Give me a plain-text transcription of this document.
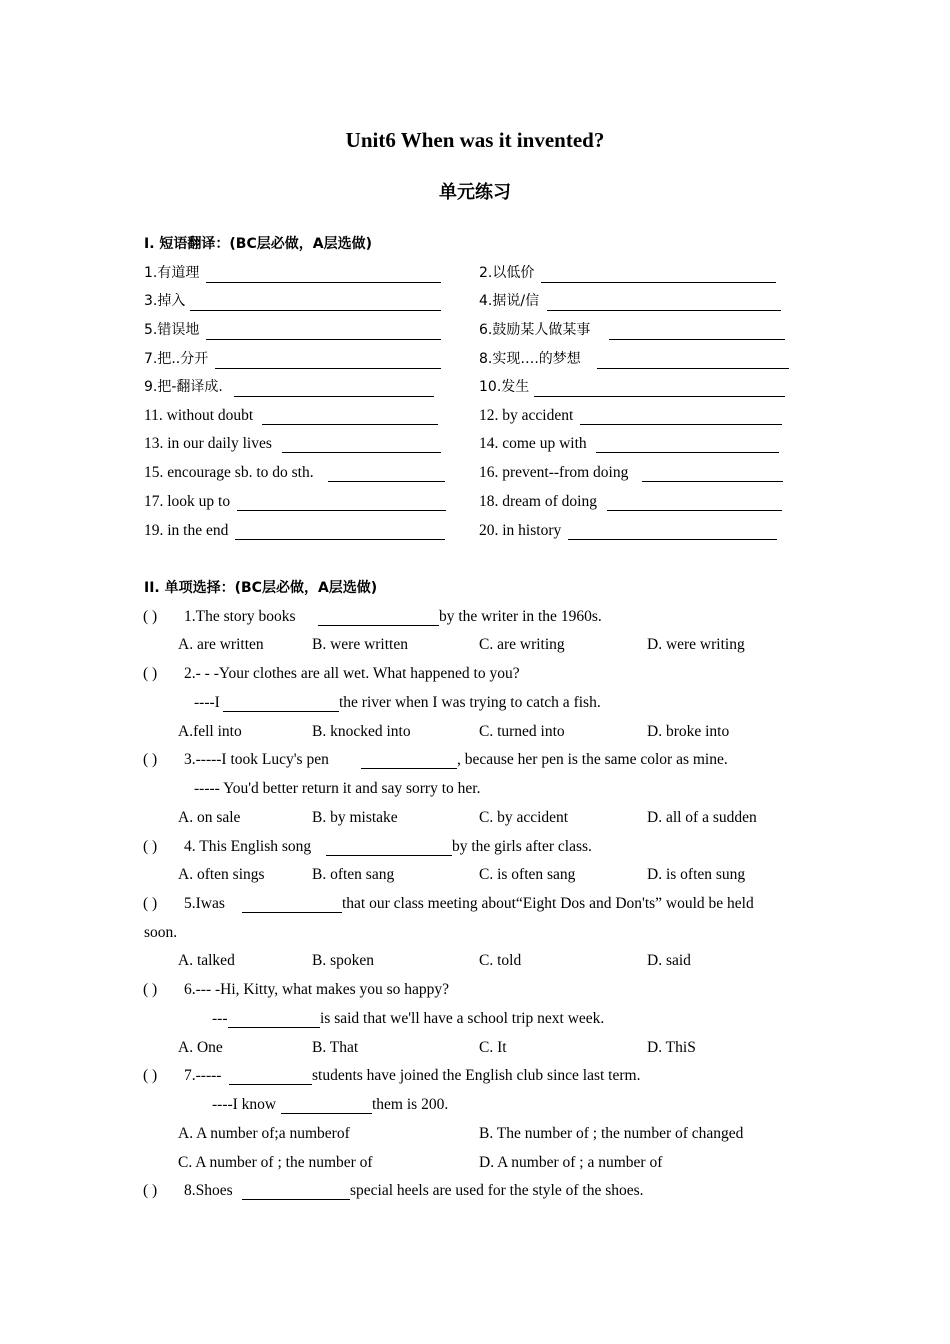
Unit6 When was it invented?
单元练习
I. 短语翻译：(BC层必做，A层选做)
1.有道理	2.以低价
3.掉入	4.据说/信
5.错误地	6.鼓励某人做某事
7.把..分开	8.实现….的梦想
9.把-翻译成.	10.发生
11. without doubt	12. by accident
13. in our daily lives	14. come up with
15. encourage sb. to do sth.	16. prevent--from doing
17. look up to	18. dream of doing
19. in the end	20. in history
II. 单项选择：(BC层必做，A层选做)
( ) 1.The story books	by the writer in the 1960s.
A. are written	B. were written	C. are writing	D. were writing
( ) 2.- - -Your clothes are all wet. What happened to you?
----I	the river when I was trying to catch a fish.
A.fell into	B. knocked into	C. turned into	D. broke into
( ) 3.-----I took Lucy's pen	, because her pen is the same color as mine.
----- You'd better return it and say sorry to her.
A. on sale	B. by mistake	C. by accident	D. all of a sudden
( ) 4. This English song	by the girls after class.
A. often sings	B. often sang	C. is often sang	D. is often sung
( ) 5.Iwas	that our class meeting about“Eight Dos and Don'ts” would be held
soon.
A. talked	B. spoken	C. told	D. said
( ) 6.--- -Hi, Kitty, what makes you so happy?
---	is said that we'll have a school trip next week.
A. One	B. That	C. It	D. ThiS
( ) 7.-----	students have joined the English club since last term.
----I know	them is 200.
A. A number of;a numberof	B. The number of ; the number of changed
C. A number of ; the number of	D. A number of ; a number of
( ) 8.Shoes	special heels are used for the style of the shoes.
